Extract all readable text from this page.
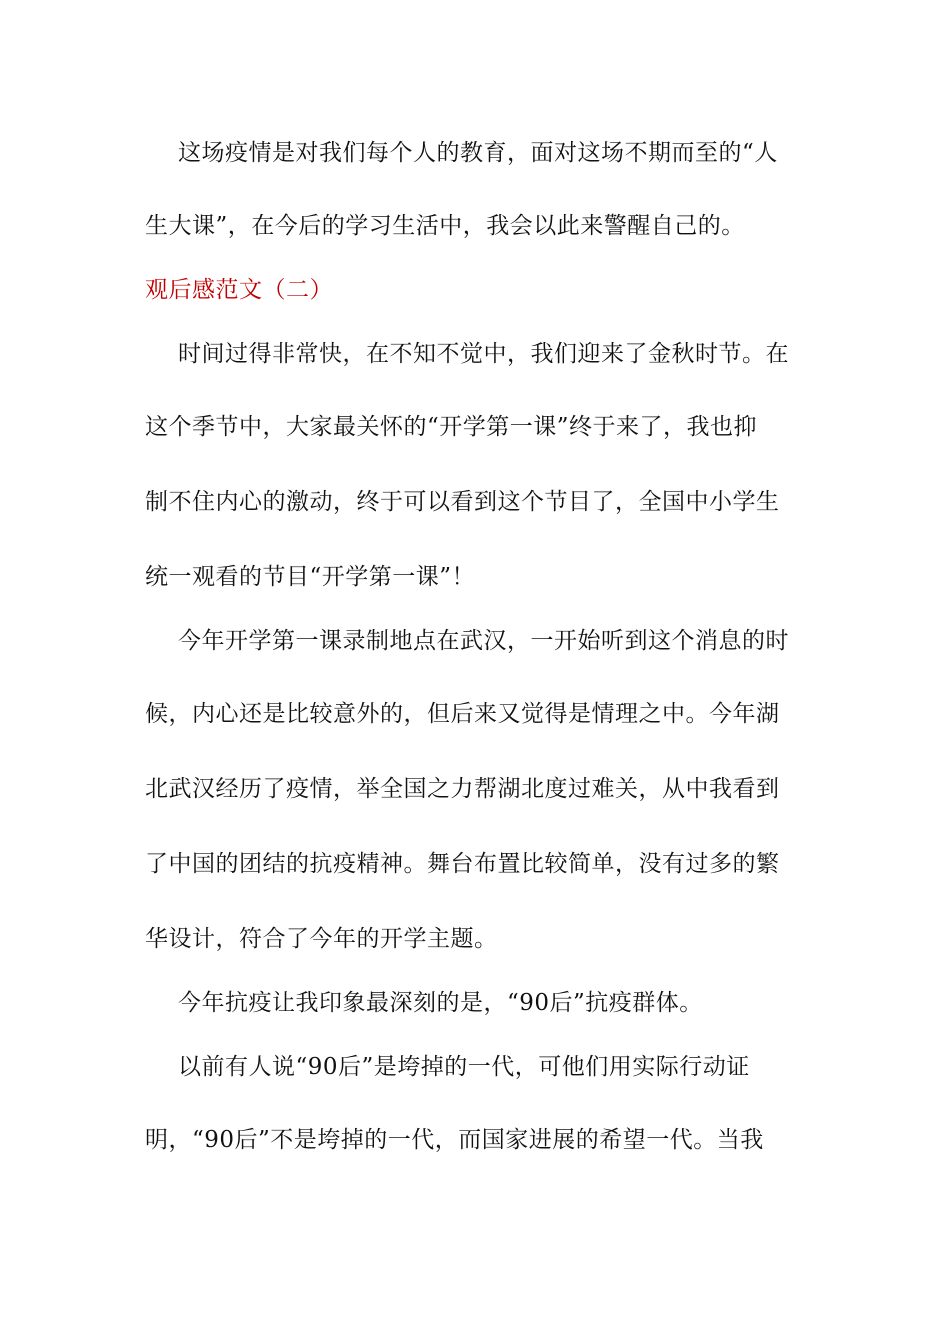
这场疫情是对我们每个人的教育，面对这场不期而至的“人
生大课”，在今后的学习生活中，我会以此来警醒自己的。
观后感范文（二）
时间过得非常快，在不知不觉中，我们迎来了金秋时节。在
这个季节中，大家最关怀的“开学第一课”终于来了，我也抑
制不住内心的激动，终于可以看到这个节目了，全国中小学生
统一观看的节目“开学第一课”！
今年开学第一课录制地点在武汉，一开始听到这个消息的时
候，内心还是比较意外的，但后来又觉得是情理之中。今年湖
北武汉经历了疫情，举全国之力帮湖北度过难关，从中我看到
了中国的团结的抗疫精神。舞台布置比较简单，没有过多的繁
华设计，符合了今年的开学主题。
今年抗疫让我印象最深刻的是，“90后”抗疫群体。
以前有人说“90后”是垮掉的一代，可他们用实际行动证
明，“90后”不是垮掉的一代，而国家进展的希望一代。当我
